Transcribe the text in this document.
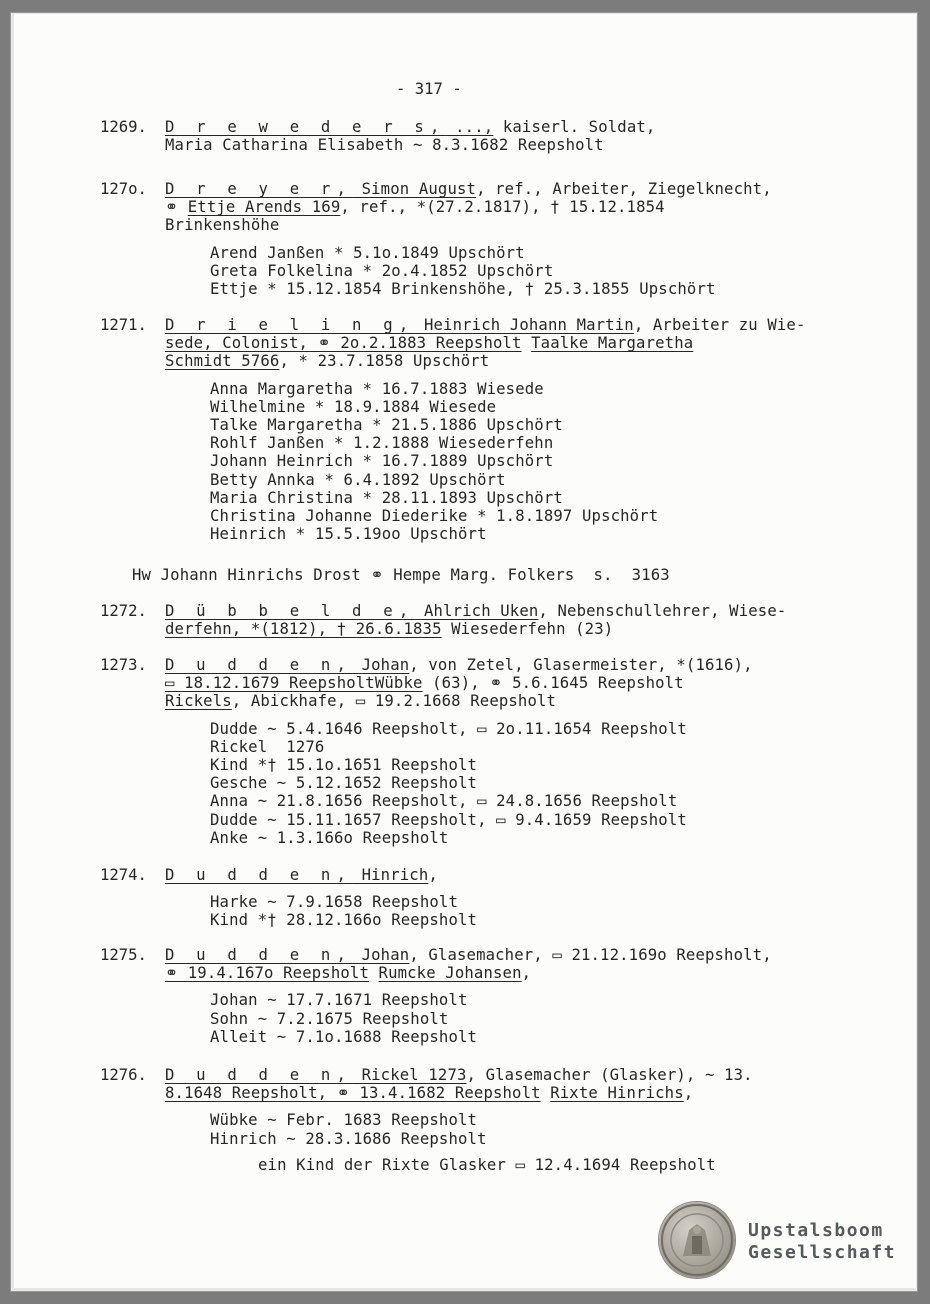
- 317 -
Upstalsboom
Gesellschaft
1269. D r e w e d e r s, ..., kaiserl. Soldat,
Maria Catharina Elisabeth ~ 8.3.1682 Reepsholt
127o. D r e y e r, Simon August, ref., Arbeiter, Ziegelknecht,
⚭ Ettje Arends 169, ref., *(27.2.1817), † 15.12.1854
Brinkenshöhe
Arend Janßen * 5.1o.1849 Upschört
Greta Folkelina * 2o.4.1852 Upschört
Ettje * 15.12.1854 Brinkenshöhe, † 25.3.1855 Upschört
1271. D r i e l i n g, Heinrich Johann Martin, Arbeiter zu Wie-
sede, Colonist, ⚭ 2o.2.1883 Reepsholt Taalke Margaretha
Schmidt 5766, * 23.7.1858 Upschört
Anna Margaretha * 16.7.1883 Wiesede
Wilhelmine * 18.9.1884 Wiesede
Talke Margaretha * 21.5.1886 Upschört
Rohlf Janßen * 1.2.1888 Wiesederfehn
Johann Heinrich * 16.7.1889 Upschört
Betty Annka * 6.4.1892 Upschört
Maria Christina * 28.11.1893 Upschört
Christina Johanne Diederike * 1.8.1897 Upschört
Heinrich * 15.5.19oo Upschört
Hw Johann Hinrichs Drost ⚭ Hempe Marg. Folkers  s.  3163
1272. D ü b b e l d e, Ahlrich Uken, Nebenschullehrer, Wiese-
derfehn, *(1812), † 26.6.1835 Wiesederfehn (23)
1273. D u d d e n, Johan, von Zetel, Glasermeister, *(1616),
▭ 18.12.1679 ReepsholtWübke (63), ⚭ 5.6.1645 Reepsholt
Rickels, Abickhafe, ▭ 19.2.1668 Reepsholt
Dudde ~ 5.4.1646 Reepsholt, ▭ 2o.11.1654 Reepsholt
Rickel  1276
Kind *† 15.1o.1651 Reepsholt
Gesche ~ 5.12.1652 Reepsholt
Anna ~ 21.8.1656 Reepsholt, ▭ 24.8.1656 Reepsholt
Dudde ~ 15.11.1657 Reepsholt, ▭ 9.4.1659 Reepsholt
Anke ~ 1.3.166o Reepsholt
1274. D u d d e n, Hinrich,
Harke ~ 7.9.1658 Reepsholt
Kind *† 28.12.166o Reepsholt
1275. D u d d e n, Johan, Glasemacher, ▭ 21.12.169o Reepsholt,
⚭ 19.4.167o Reepsholt Rumcke Johansen,
Johan ~ 17.7.1671 Reepsholt
Sohn ~ 7.2.1675 Reepsholt
Alleit ~ 7.1o.1688 Reepsholt
1276. D u d d e n, Rickel 1273, Glasemacher (Glasker), ~ 13.
8.1648 Reepsholt, ⚭ 13.4.1682 Reepsholt Rixte Hinrichs,
Wübke ~ Febr. 1683 Reepsholt
Hinrich ~ 28.3.1686 Reepsholt
ein Kind der Rixte Glasker ▭ 12.4.1694 Reepsholt
